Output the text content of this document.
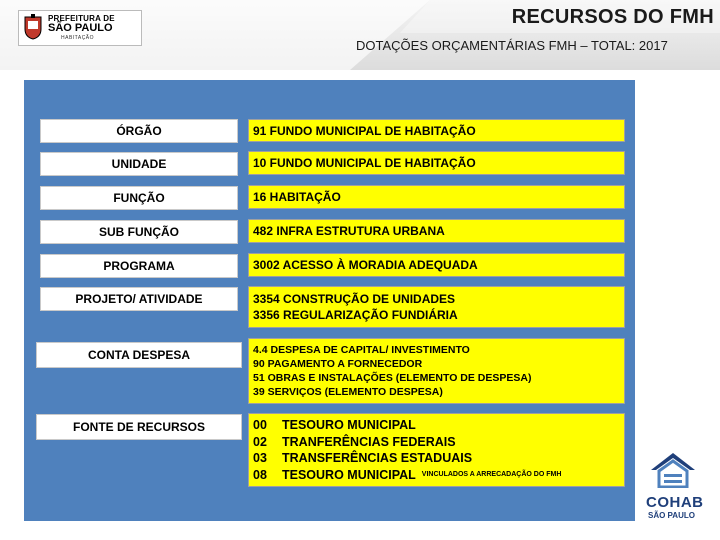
PREFEITURA DE
SÃO PAULO
HABITAÇÃO
RECURSOS DO FMH
DOTAÇÕES ORÇAMENTÁRIAS FMH – TOTAL: 2017
ÓRGÃO	91 FUNDO MUNICIPAL DE HABITAÇÃO
UNIDADE	10 FUNDO MUNICIPAL DE HABITAÇÃO
FUNÇÃO	16 HABITAÇÃO
SUB FUNÇÃO	482 INFRA ESTRUTURA URBANA
PROGRAMA	3002 ACESSO À MORADIA ADEQUADA
PROJETO/ ATIVIDADE	3354 CONSTRUÇÃO DE UNIDADES
3356 REGULARIZAÇÃO FUNDIÁRIA
CONTA DESPESA	4.4 DESPESA DE CAPITAL/ INVESTIMENTO
90 PAGAMENTO A FORNECEDOR
51 OBRAS E INSTALAÇÕES (ELEMENTO DE DESPESA)
39 SERVIÇOS (ELEMENTO DESPESA)
FONTE DE RECURSOS	00	TESOURO MUNICIPAL
02	TRANFERÊNCIAS FEDERAIS
03	TRANSFERÊNCIAS ESTADUAIS
08	TESOURO MUNICIPAL VINCULADOS A ARRECADAÇÃO DO FMH
COHAB
SÃO PAULO
